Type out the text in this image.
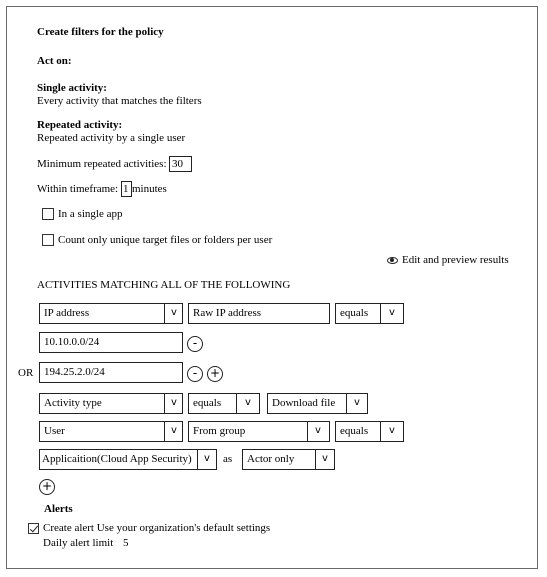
Create filters for the policy
Act on:
Single activity:
Every activity that matches the filters
Repeated activity:
Repeated activity by a single user
Minimum repeated activities: 30
Within timeframe: 1 minutes
In a single app
Count only unique target files or folders per user
Edit and preview results
ACTIVITIES MATCHING ALL OF THE FOLLOWING
IP address	v	Raw IP address	equals	v
10.10.0.0/24	-
OR 194.25.2.0/24	-	+
Activity type	v	equals	v	Download file	v
User	v	From group	v	equals	v
Applicaition(Cloud App Security)	v	as Actor only	v
+
Alerts
Create alert Use your organization's default settings
Daily alert limit 5
